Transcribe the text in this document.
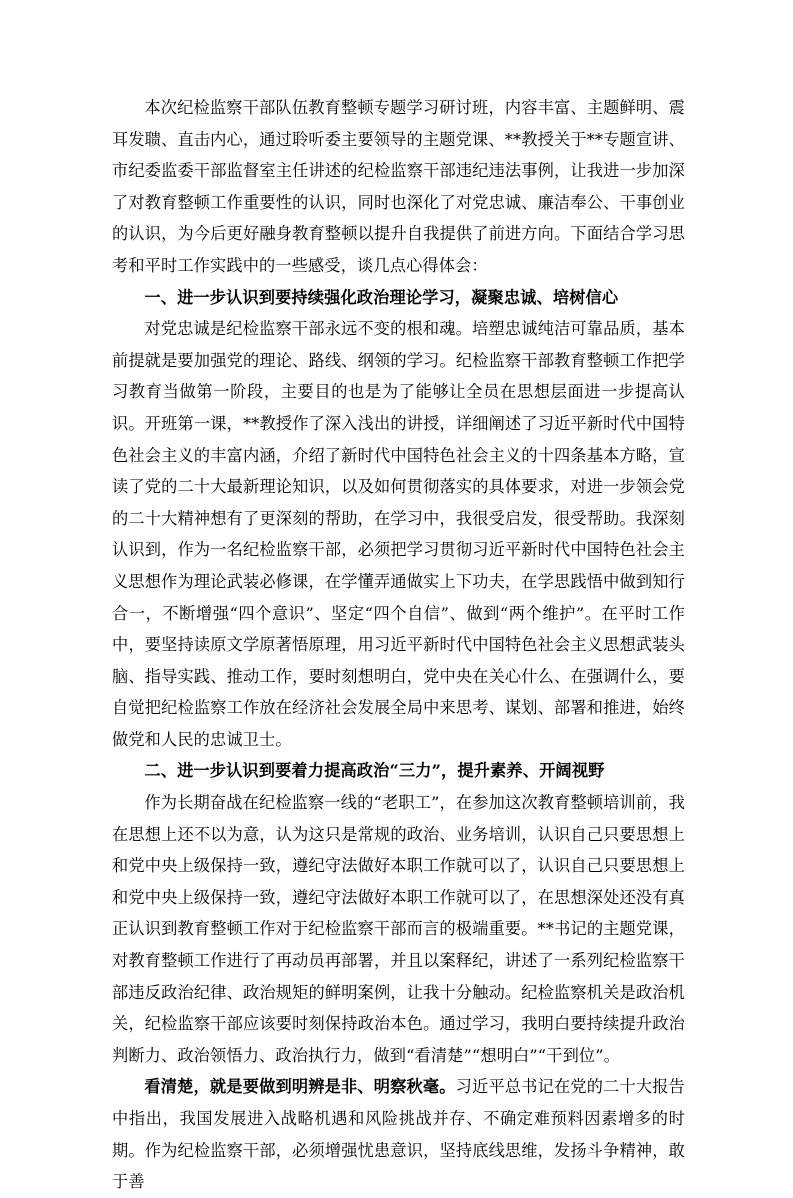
本次纪检监察干部队伍教育整顿专题学习研讨班，内容丰富、主题鲜明、震耳发聩、直击内心，通过聆听委主要领导的主题党课、**教授关于**专题宣讲、市纪委监委干部监督室主任讲述的纪检监察干部违纪违法事例，让我进一步加深了对教育整顿工作重要性的认识，同时也深化了对党忠诚、廉洁奉公、干事创业的认识，为今后更好融身教育整顿以提升自我提供了前进方向。下面结合学习思考和平时工作实践中的一些感受，谈几点心得体会：

一、进一步认识到要持续强化政治理论学习，凝聚忠诚、培树信心

对党忠诚是纪检监察干部永远不变的根和魂。培塑忠诚纯洁可靠品质，基本前提就是要加强党的理论、路线、纲领的学习。纪检监察干部教育整顿工作把学习教育当做第一阶段，主要目的也是为了能够让全员在思想层面进一步提高认识。开班第一课，**教授作了深入浅出的讲授，详细阐述了习近平新时代中国特色社会主义的丰富内涵，介绍了新时代中国特色社会主义的十四条基本方略，宣读了党的二十大最新理论知识，以及如何贯彻落实的具体要求，对进一步领会党的二十大精神想有了更深刻的帮助，在学习中，我很受启发，很受帮助。我深刻认识到，作为一名纪检监察干部，必须把学习贯彻习近平新时代中国特色社会主义思想作为理论武装必修课，在学懂弄通做实上下功夫，在学思践悟中做到知行合一，不断增强“四个意识”、坚定“四个自信”、做到“两个维护”。在平时工作中，要坚持读原文学原著悟原理，用习近平新时代中国特色社会主义思想武装头脑、指导实践、推动工作，要时刻想明白，党中央在关心什么、在强调什么，要自觉把纪检监察工作放在经济社会发展全局中来思考、谋划、部署和推进，始终做党和人民的忠诚卫士。

二、进一步认识到要着力提高政治“三力”，提升素养、开阔视野

作为长期奋战在纪检监察一线的“老职工”，在参加这次教育整顿培训前，我在思想上还不以为意，认为这只是常规的政治、业务培训，认识自己只要思想上和党中央上级保持一致，遵纪守法做好本职工作就可以了，认识自己只要思想上和党中央上级保持一致，遵纪守法做好本职工作就可以了，在思想深处还没有真正认识到教育整顿工作对于纪检监察干部而言的极端重要。**书记的主题党课，对教育整顿工作进行了再动员再部署，并且以案释纪，讲述了一系列纪检监察干部违反政治纪律、政治规矩的鲜明案例，让我十分触动。纪检监察机关是政治机关，纪检监察干部应该要时刻保持政治本色。通过学习，我明白要持续提升政治判断力、政治领悟力、政治执行力，做到“看清楚”“想明白”“干到位”。

看清楚，就是要做到明辨是非、明察秋毫。习近平总书记在党的二十大报告中指出，我国发展进入战略机遇和风险挑战并存、不确定难预料因素增多的时期。作为纪检监察干部，必须增强忧患意识，坚持底线思维，发扬斗争精神，敢于善
